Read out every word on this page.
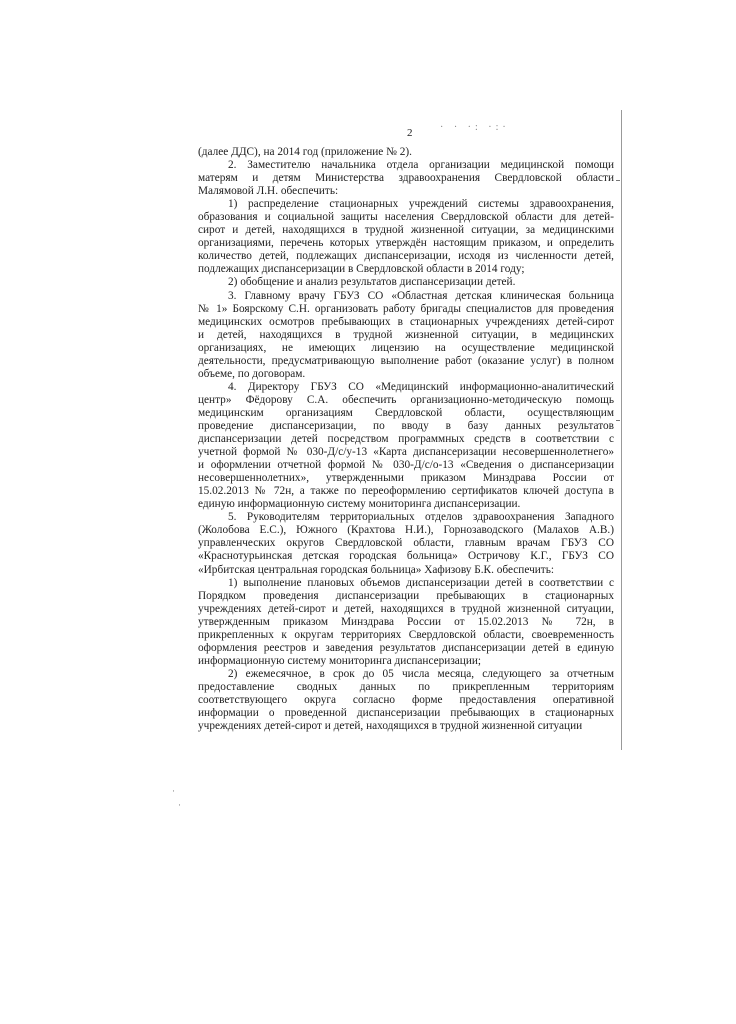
2	· · ·: ·:·
·
·

(далее ДДС), на 2014 год (приложение № 2).

2. Заместителю начальника отдела организации медицинской помощи

матерям и детям Министерства здравоохранения Свердловской области

Малямовой Л.Н. обеспечить:

1) распределение стационарных учреждений системы здравоохранения,

образования и социальной защиты населения Свердловской области для детей-

сирот и детей, находящихся в трудной жизненной ситуации, за медицинскими

организациями, перечень которых утверждён настоящим приказом, и определить

количество детей, подлежащих диспансеризации, исходя из численности детей,

подлежащих диспансеризации в Свердловской области в 2014 году;

2) обобщение и анализ результатов диспансеризации детей.

3. Главному врачу ГБУЗ СО «Областная детская клиническая больница

№ 1» Боярскому С.Н. организовать работу бригады специалистов для проведения

медицинских осмотров пребывающих в стационарных учреждениях детей-сирот

и детей, находящихся в трудной жизненной ситуации, в медицинских

организациях, не имеющих лицензию на осуществление медицинской

деятельности, предусматривающую выполнение работ (оказание услуг) в полном

объеме, по договорам.

4. Директору ГБУЗ СО «Медицинский информационно-аналитический

центр» Фёдорову С.А. обеспечить организационно-методическую помощь

медицинским организациям Свердловской области, осуществляющим

проведение диспансеризации, по вводу в базу данных результатов

диспансеризации детей посредством программных средств в соответствии с

учетной формой № 030-Д/с/у-13 «Карта диспансеризации несовершеннолетнего»

и оформлении отчетной формой № 030-Д/с/о-13 «Сведения о диспансеризации

несовершеннолетних», утвержденными приказом Минздрава России от

15.02.2013 № 72н, а также по переоформлению сертификатов ключей доступа в

единую информационную систему мониторинга диспансеризации.

5. Руководителям территориальных отделов здравоохранения Западного

(Жолобова Е.С.), Южного (Крахтова Н.И.), Горнозаводского (Малахов А.В.)

управленческих округов Свердловской области, главным врачам ГБУЗ СО

«Краснотурьинская детская городская больница» Остричову К.Г., ГБУЗ СО

«Ирбитская центральная городская больница» Хафизову Б.К. обеспечить:

1) выполнение плановых объемов диспансеризации детей в соответствии с

Порядком проведения диспансеризации пребывающих в стационарных

учреждениях детей-сирот и детей, находящихся в трудной жизненной ситуации,

утвержденным приказом Минздрава России от 15.02.2013 № 72н, в

прикрепленных к округам территориях Свердловской области, своевременность

оформления реестров и заведения результатов диспансеризации детей в единую

информационную систему мониторинга диспансеризации;

2) ежемесячное, в срок до 05 числа месяца, следующего за отчетным

предоставление сводных данных по прикрепленным территориям

соответствующего округа согласно форме предоставления оперативной

информации о проведенной диспансеризации пребывающих в стационарных

учреждениях детей-сирот и детей, находящихся в трудной жизненной ситуации
